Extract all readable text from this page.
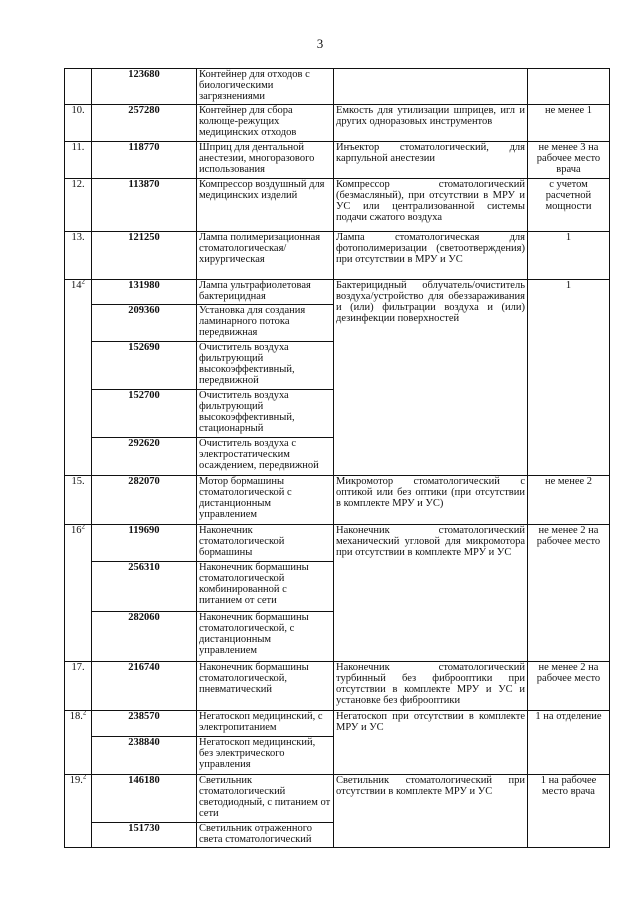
3
	123680	Контейнер для отходов с биологическими загрязнениями		
10.	257280	Контейнер для сбора колюще-режущих медицинских отходов	Емкость для утилизации шприцев, игл и других одноразовых инструментов	не менее 1
11.	118770	Шприц для дентальной анестезии, многоразового использования	Инъектор стоматологический, для карпульной анестезии	не менее 3 на рабочее место врача
12.	113870	Компрессор воздушный для медицинских изделий	Компрессор стоматологический (безмасляный), при отсутствии в МРУ и УС или централизованной системы подачи сжатого воздуха	с учетом расчетной мощности
13.	121250	Лампа полимеризационная стоматологическая/хирургическая	Лампа стоматологическая для фотополимеризации (светоотверждения) при отсутствии в МРУ и УС	1
$14^2$	131980	Лампа ультрафиолетовая бактерицидная	Бактерицидный облучатель/очиститель воздуха/устройство для обеззараживания и (или) фильтрации воздуха и (или) дезинфекции поверхностей	1
	209360	Установка для создания ламинарного потока передвижная		
	152690	Очиститель воздуха фильтрующий высокоэффективный, передвижной		
	152700	Очиститель воздуха фильтрующий высокоэффективный, стационарный		
	292620	Очиститель воздуха с электростатическим осаждением, передвижной		
15.	282070	Мотор бормашины стоматологической с дистанционным управлением	Микромотор стоматологический с оптикой или без оптики (при отсутствии в комплекте МРУ и УС)	не менее 2
$16^2$	119690	Наконечник стоматологической бормашины	Наконечник стоматологический механический угловой для микромотора при отсутствии в комплекте МРУ и УС	не менее 2 на рабочее место
	256310	Наконечник бормашины стоматологической комбинированной с питанием от сети		
	282060	Наконечник бормашины стоматологической, с дистанционным управлением		
17.	216740	Наконечник бормашины стоматологической, пневматический	Наконечник стоматологический турбинный без фиброоптики при отсутствии в комплекте МРУ и УС и установке без фиброоптики	не менее 2 на рабочее место
18.$^2$	238570	Негатоскоп медицинский, с электропитанием	Негатоскоп при отсутствии в комплекте МРУ и УС	1 на отделение
	238840	Негатоскоп медицинский, без электрического управления		
19.$^2$	146180	Светильник стоматологический светодиодный, с питанием от сети	Светильник стоматологический при отсутствии в комплекте МРУ и УС	1 на рабочее место врача
	151730	Светильник отраженного света стоматологический		
